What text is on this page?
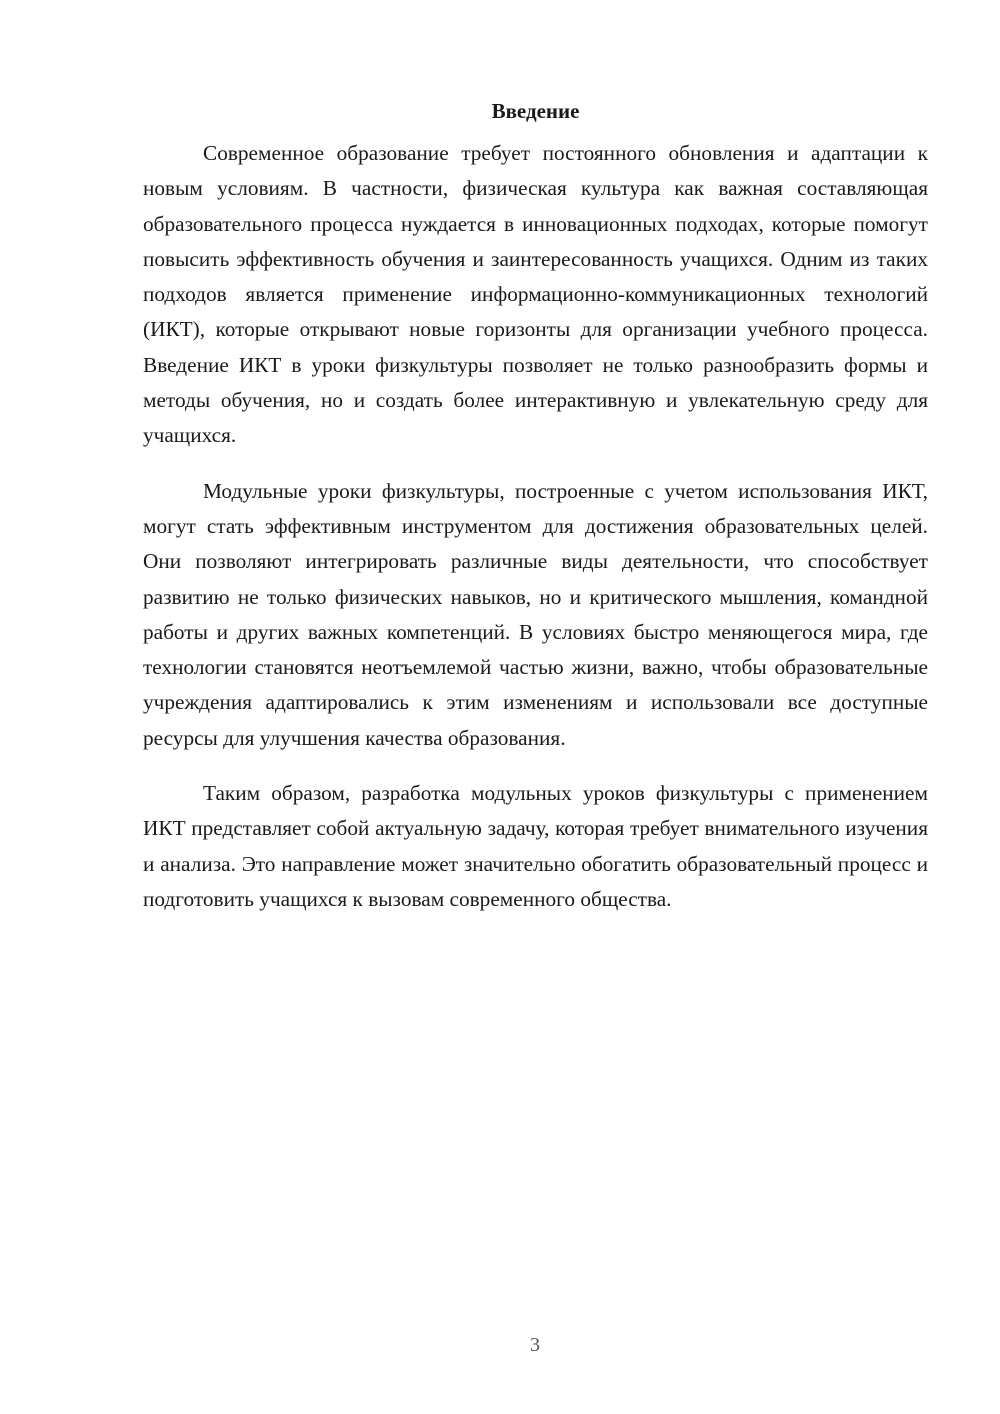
Введение

Современное образование требует постоянного обновления и адаптации к новым условиям. В частности, физическая культура как важная составляющая образовательного процесса нуждается в инновационных подходах, которые помогут повысить эффективность обучения и заинтересованность учащихся. Одним из таких подходов является применение информационно-коммуникационных технологий (ИКТ), которые открывают новые горизонты для организации учебного процесса. Введение ИКТ в уроки физкультуры позволяет не только разнообразить формы и методы обучения, но и создать более интерактивную и увлекательную среду для учащихся.

Модульные уроки физкультуры, построенные с учетом использования ИКТ, могут стать эффективным инструментом для достижения образовательных целей. Они позволяют интегрировать различные виды деятельности, что способствует развитию не только физических навыков, но и критического мышления, командной работы и других важных компетенций. В условиях быстро меняющегося мира, где технологии становятся неотъемлемой частью жизни, важно, чтобы образовательные учреждения адаптировались к этим изменениям и использовали все доступные ресурсы для улучшения качества образования.

Таким образом, разработка модульных уроков физкультуры с применением ИКТ представляет собой актуальную задачу, которая требует внимательного изучения и анализа. Это направление может значительно обогатить образовательный процесс и подготовить учащихся к вызовам современного общества.

3
